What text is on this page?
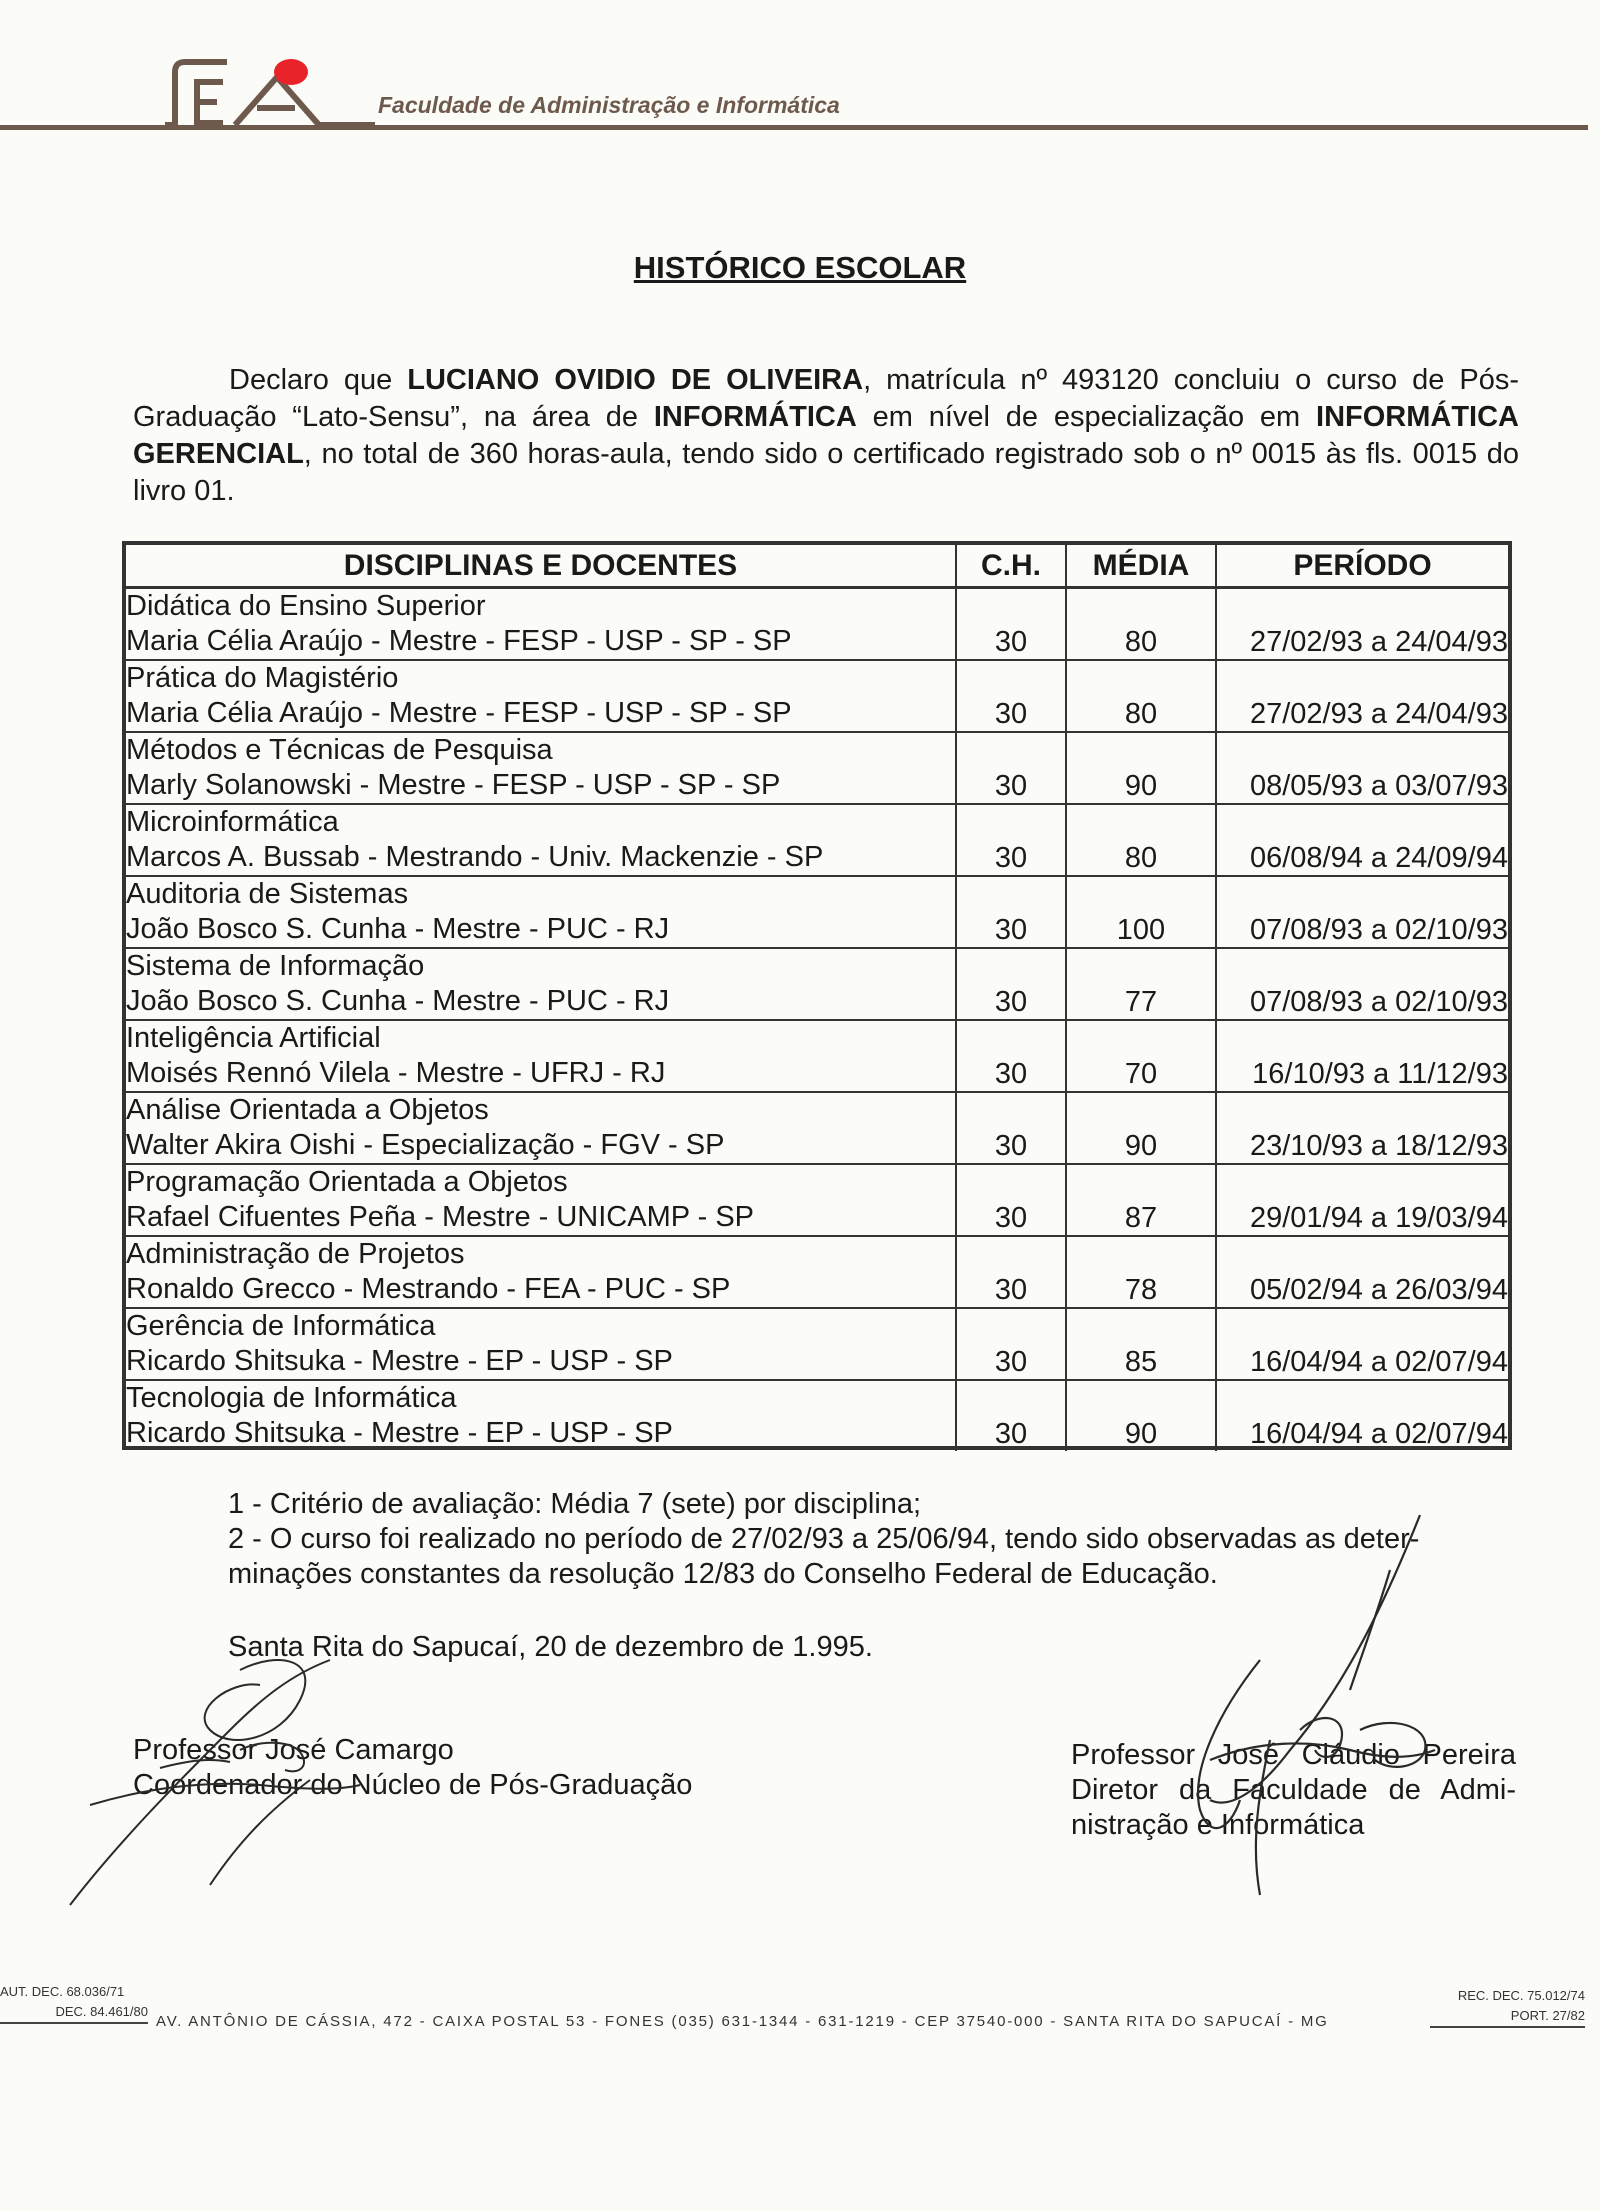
Faculdade de Administração e Informática
HISTÓRICO ESCOLAR
Declaro que LUCIANO OVIDIO DE OLIVEIRA, matrícula nº 493120 concluiu o curso de Pós-Graduação “Lato-Sensu”, na área de INFORMÁTICA em nível de especialização em INFORMÁTICA GERENCIAL, no total de 360 horas-aula, tendo sido o certificado registrado sob o nº 0015 às fls. 0015 do livro 01.
DISCIPLINAS E DOCENTES	C.H.	MÉDIA	PERÍODO

Didática do Ensino Superior
Maria Célia Araújo - Mestre - FESP - USP - SP - SP	30	80	27/02/93 a 24/04/93

Prática do Magistério
Maria Célia Araújo - Mestre - FESP - USP - SP - SP	30	80	27/02/93 a 24/04/93

Métodos e Técnicas de Pesquisa
Marly Solanowski - Mestre - FESP - USP - SP - SP	30	90	08/05/93 a 03/07/93

Microinformática
Marcos A. Bussab - Mestrando - Univ. Mackenzie - SP	30	80	06/08/94 a 24/09/94

Auditoria de Sistemas
João Bosco S. Cunha - Mestre - PUC - RJ	30	100	07/08/93 a 02/10/93

Sistema de Informação
João Bosco S. Cunha - Mestre - PUC - RJ	30	77	07/08/93 a 02/10/93

Inteligência Artificial
Moisés Rennó Vilela - Mestre - UFRJ - RJ	30	70	16/10/93 a 11/12/93

Análise Orientada a Objetos
Walter Akira Oishi - Especialização - FGV - SP	30	90	23/10/93 a 18/12/93

Programação Orientada a Objetos
Rafael Cifuentes Peña - Mestre - UNICAMP - SP	30	87	29/01/94 a 19/03/94

Administração de Projetos
Ronaldo Grecco - Mestrando - FEA - PUC - SP	30	78	05/02/94 a 26/03/94

Gerência de Informática
Ricardo Shitsuka - Mestre - EP - USP - SP	30	85	16/04/94 a 02/07/94

Tecnologia de Informática
Ricardo Shitsuka - Mestre - EP - USP - SP	30	90	16/04/94 a 02/07/94
1 - Critério de avaliação: Média 7 (sete) por disciplina;
2 - O curso foi realizado no período de 27/02/93 a 25/06/94, tendo sido observadas as deter-
minações constantes da resolução 12/83 do Conselho Federal de Educação.
Santa Rita do Sapucaí, 20 de dezembro de 1.995.
Professor José Camargo
Coordenador do Núcleo de Pós-Graduação
Professor José Cláudio Pereira
Diretor da Faculdade de Admi-
nistração e Informática
AUT. DEC. 68.036/71
DEC. 84.461/80
AV. ANTÔNIO DE CÁSSIA, 472 - CAIXA POSTAL 53 - FONES (035) 631-1344 - 631-1219 - CEP 37540-000 - SANTA RITA DO SAPUCAÍ - MG
REC. DEC. 75.012/74
PORT. 27/82
